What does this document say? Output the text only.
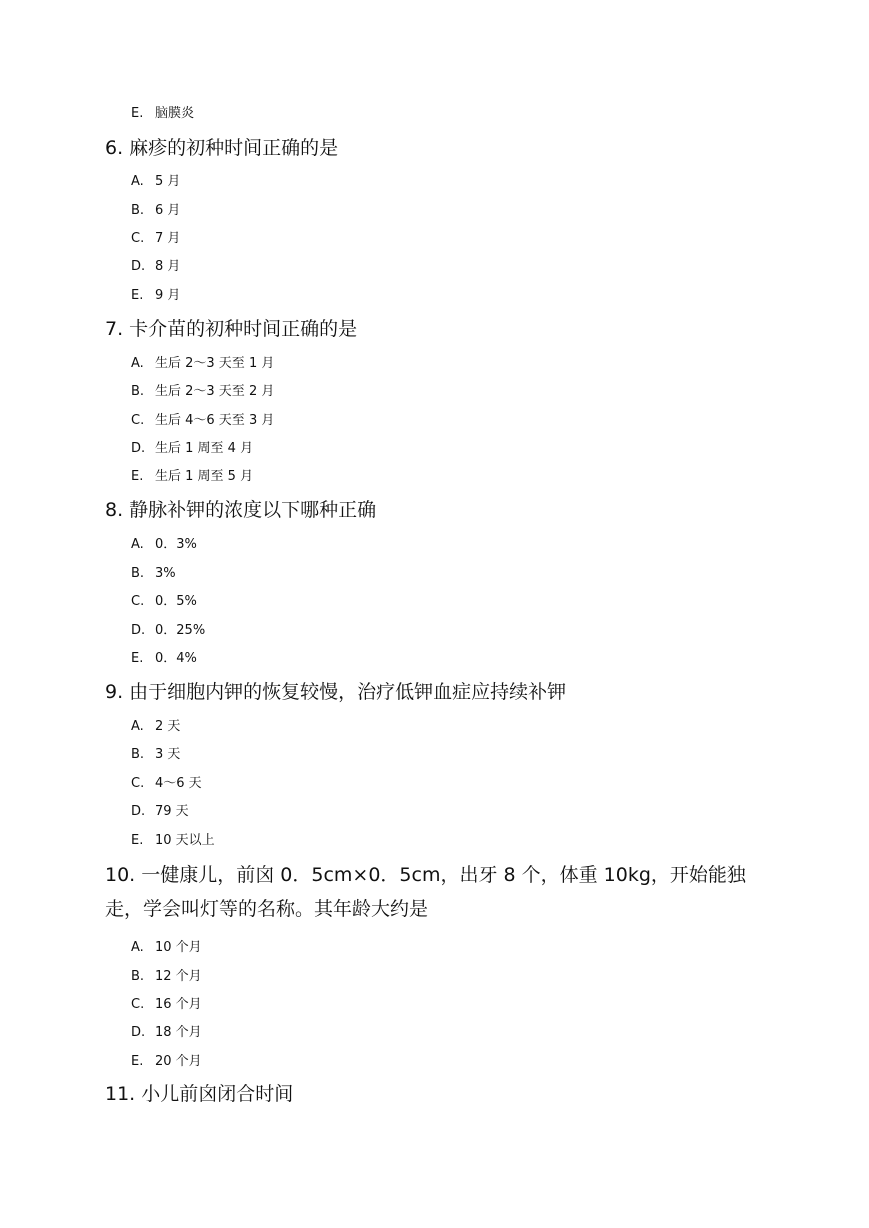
E. 脑膜炎
6. 麻疹的初种时间正确的是
A. 5 月
B. 6 月
C. 7 月
D. 8 月
E. 9 月
7. 卡介苗的初种时间正确的是
A. 生后 2～3 天至 1 月
B. 生后 2～3 天至 2 月
C. 生后 4～6 天至 3 月
D. 生后 1 周至 4 月
E. 生后 1 周至 5 月
8. 静脉补钾的浓度以下哪种正确
A. 0．3%
B. 3%
C. 0．5%
D. 0．25%
E. 0．4%
9. 由于细胞内钾的恢复较慢，治疗低钾血症应持续补钾
A. 2 天
B. 3 天
C. 4～6 天
D. 79 天
E. 10 天以上
10. 一健康儿，前囟 0．5cm×0．5cm，出牙 8 个，体重 10kg，开始能独走，学会叫灯等的名称。其年龄大约是
A. 10 个月
B. 12 个月
C. 16 个月
D. 18 个月
E. 20 个月
11. 小儿前囟闭合时间
